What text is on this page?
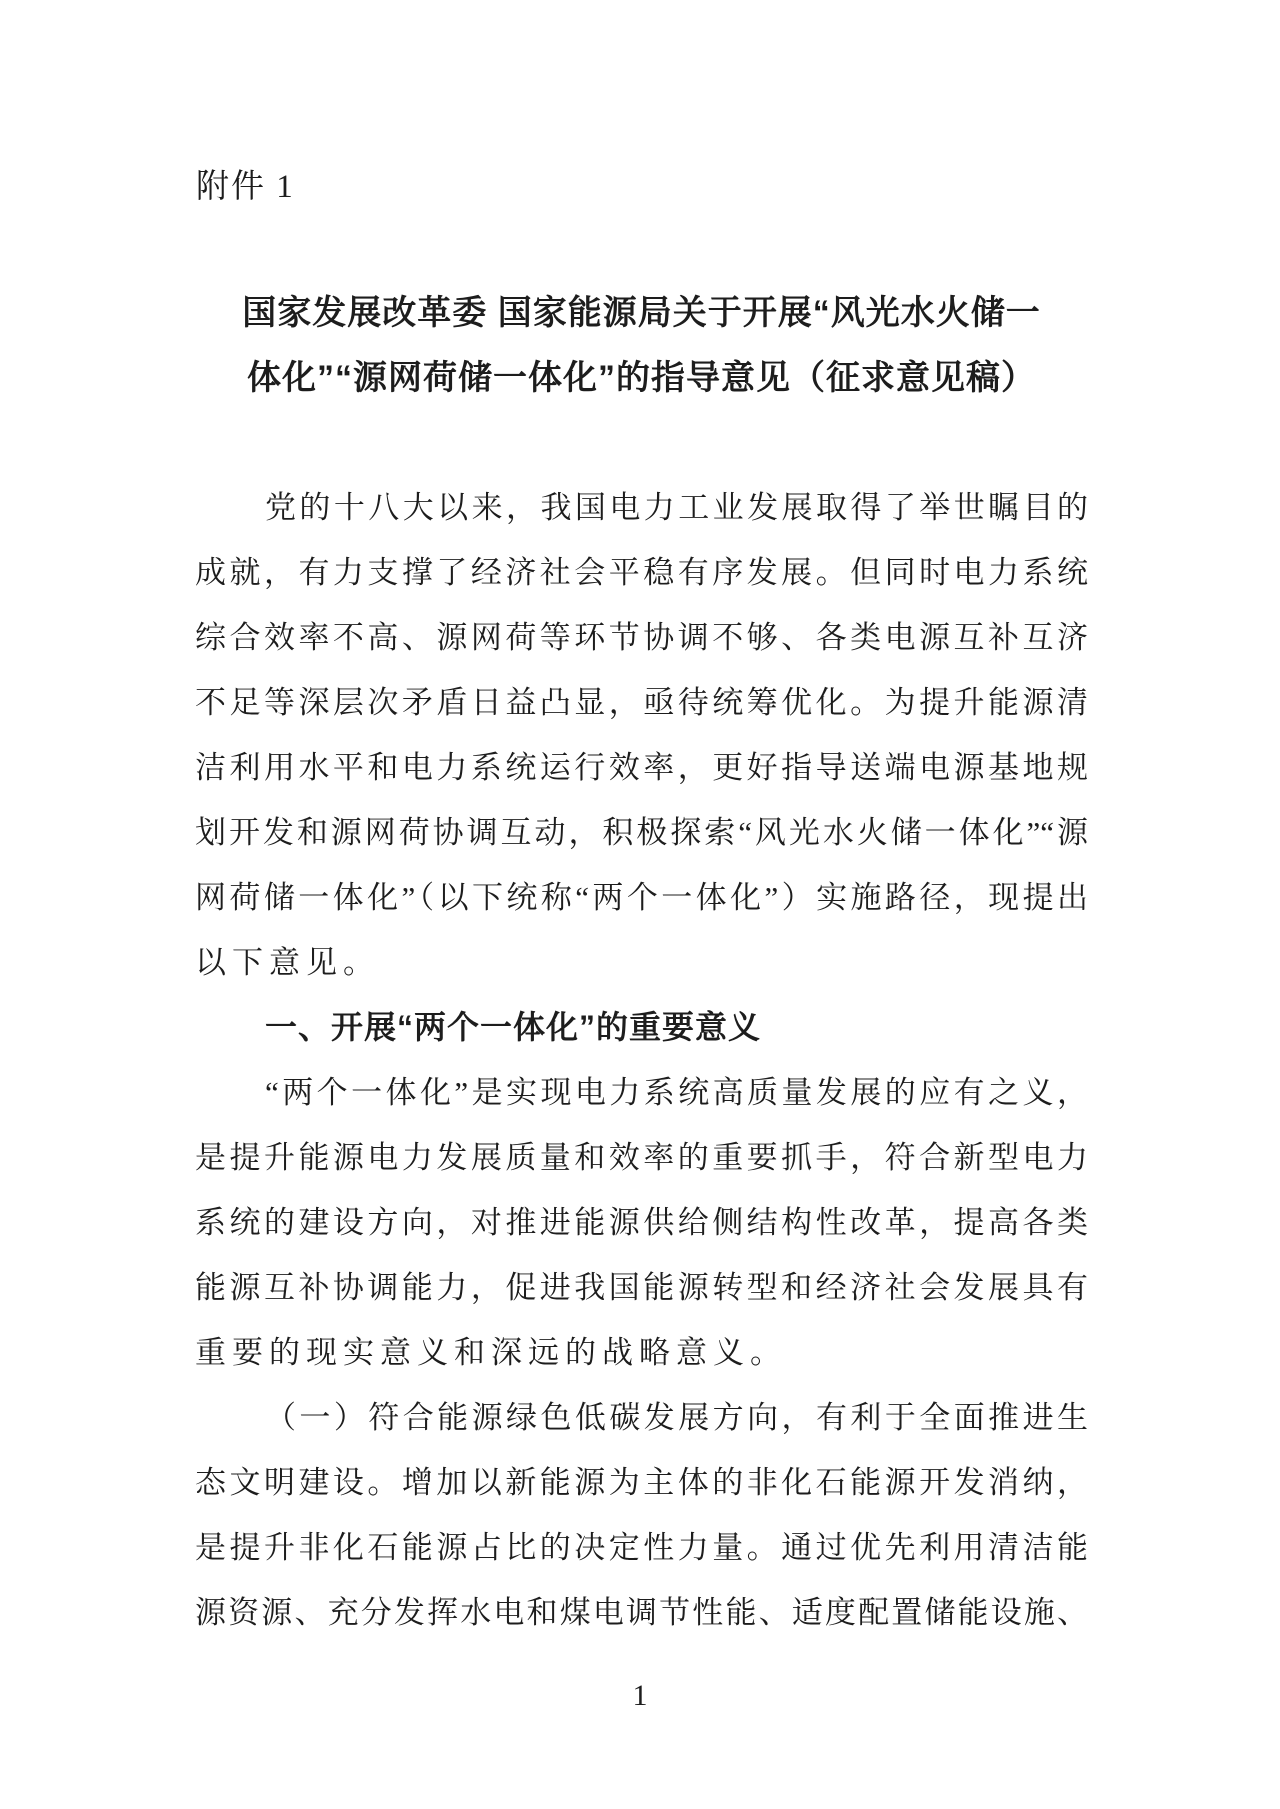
附件 1
国家发展改革委 国家能源局关于开展“风光水火储一
体化”“源网荷储一体化”的指导意见（征求意见稿）
党的十八大以来，我国电力工业发展取得了举世瞩目的
成就，有力支撑了经济社会平稳有序发展。但同时电力系统
综合效率不高、源网荷等环节协调不够、各类电源互补互济
不足等深层次矛盾日益凸显，亟待统筹优化。为提升能源清
洁利用水平和电力系统运行效率，更好指导送端电源基地规
划开发和源网荷协调互动，积极探索“风光水火储一体化”“源
网荷储一体化”（以下统称“两个一体化”）实施路径，现提出
以下意见。
一、开展“两个一体化”的重要意义
“两个一体化”是实现电力系统高质量发展的应有之义，
是提升能源电力发展质量和效率的重要抓手，符合新型电力
系统的建设方向，对推进能源供给侧结构性改革，提高各类
能源互补协调能力，促进我国能源转型和经济社会发展具有
重要的现实意义和深远的战略意义。
（一）符合能源绿色低碳发展方向，有利于全面推进生
态文明建设。增加以新能源为主体的非化石能源开发消纳，
是提升非化石能源占比的决定性力量。通过优先利用清洁能
源资源、充分发挥水电和煤电调节性能、适度配置储能设施、
1
